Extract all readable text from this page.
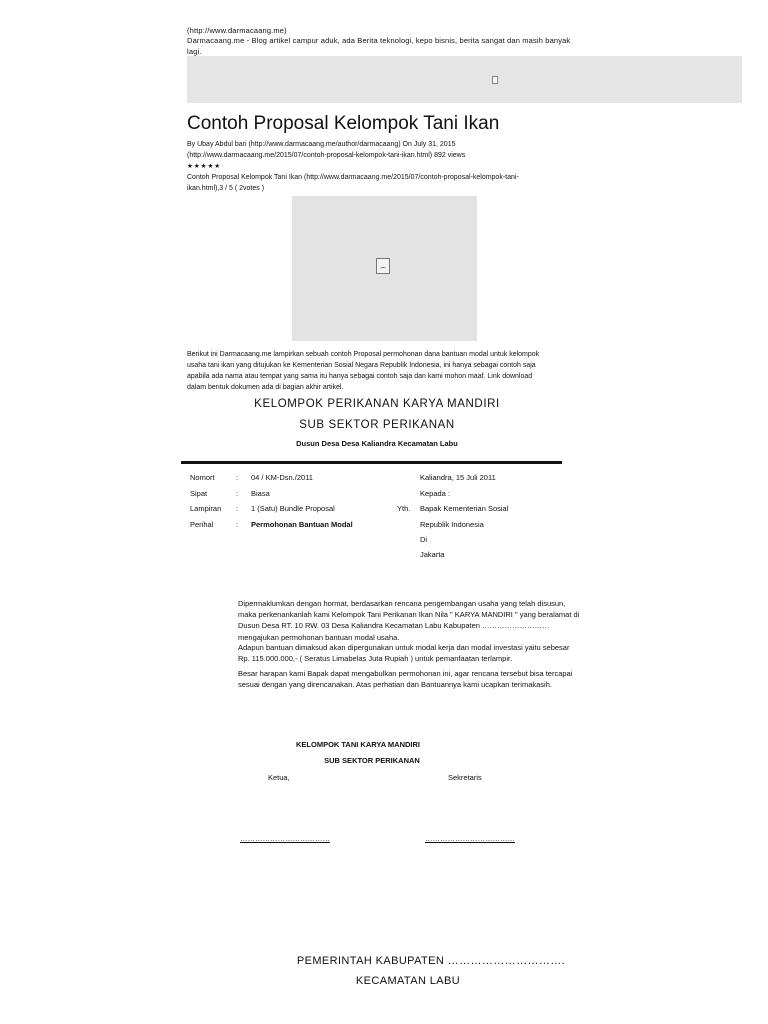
(http://www.darmacaang.me)
Darmacaang.me - Blog artikel campur aduk, ada Berita teknologi, kepo bisnis, berita sangat dan masih banyak
lagi.
Contoh Proposal Kelompok Tani Ikan
By Ubay Abdul bari (http://www.darmacaang.me/author/darmacaang) On July 31, 2015
(http://www.darmacaang.me/2015/07/contoh-proposal-kelompok-tani-ikan.html) 892 views
★★★★★
Contoh Proposal Kelompok Tani Ikan (http://www.darmacaang.me/2015/07/contoh-proposal-kelompok-tani-
ikan.html),3 / 5 ( 2votes )
Berikut ini Darmacaang.me lampirkan sebuah contoh Proposal permohonan dana bantuan modal untuk kelompok
usaha tani ikan yang ditujukan ke Kementerian Sosial Negara Republik Indonesia, ini hanya sebagai contoh saja
apabila ada nama atau tempat yang sama itu hanya sebagai contoh saja dan kami mohon maaf. Link download
dalam bentuk dokumen ada di bagian akhir artikel.
KELOMPOK PERIKANAN KARYA MANDIRI
SUB SEKTOR PERIKANAN
Dusun Desa Desa Kaliandra Kecamatan Labu
Nomort	: 04 / KM-Dsn./2011
Sipat	: Biasa
Lampiran : 1 (Satu) Bundle Proposal
Perihal	: Permohonan Bantuan Modal
Kaliandra, 15 Juli 2011
Kepada :
Yth. Bapak Kementerian Sosial
Republik Indonesia
Di
Jakarta
Dipermaklumkan dengan hormat, berdasarkan rencana pengembangan usaha yang telah disusun,
maka perkenankanlah kami Kelompok Tani Perikanan Ikan Nila " KARYA MANDIRI " yang beralamat di
Dusun Desa RT. 10 RW. 03 Desa Kaliandra Kecamatan Labu Kabupaten ………………………
mengajukan permohonan bantuan modal usaha.
Adapun bantuan dimaksud akan dipergunakan untuk modal kerja dan modal investasi yaitu sebesar
Rp. 115.000.000,- ( Seratus Limabelas Juta Rupiah ) untuk pemanfaatan terlampir.
Besar harapan kami Bapak dapat mengabulkan permohonan ini, agar rencana tersebut bisa tercapai
sesuai dengan yang direncanakan. Atas perhatian dan Bantuannya kami ucapkan terimakasih.
KELOMPOK TANI KARYA MANDIRI
SUB SEKTOR PERIKANAN
Ketua,	Sekretaris
………………………………	………………………………
PEMERINTAH KABUPATEN ………………………….
KECAMATAN LABU
